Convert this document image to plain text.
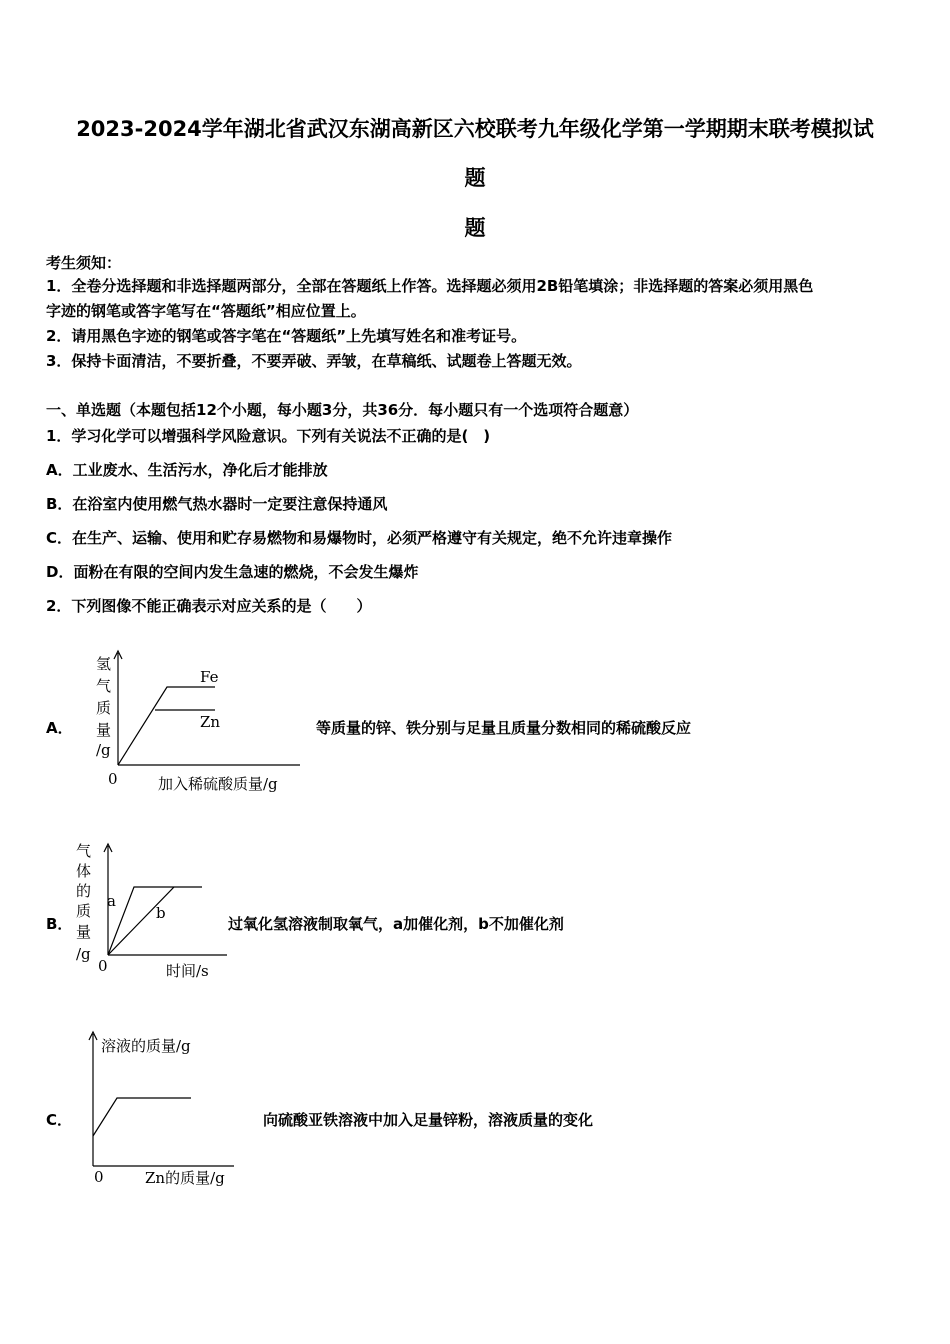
2023-2024学年湖北省武汉东湖高新区六校联考九年级化学第一学期期末联考模拟试
题
题
考生须知：
1．全卷分选择题和非选择题两部分，全部在答题纸上作答。选择题必须用2B铅笔填涂；非选择题的答案必须用黑色
字迹的钢笔或答字笔写在“答题纸”相应位置上。
2．请用黑色字迹的钢笔或答字笔在“答题纸”上先填写姓名和准考证号。
3．保持卡面清洁，不要折叠，不要弄破、弄皱，在草稿纸、试题卷上答题无效。
一、单选题（本题包括12个小题，每小题3分，共36分．每小题只有一个选项符合题意）
1．学习化学可以增强科学风险意识。下列有关说法不正确的是(　)
A．工业废水、生活污水，净化后才能排放
B．在浴室内使用燃气热水器时一定要注意保持通风
C．在生产、运输、使用和贮存易燃物和易爆物时，必须严格遵守有关规定，绝不允许违章操作
D．面粉在有限的空间内发生急速的燃烧，不会发生爆炸
2．下列图像不能正确表示对应关系的是（　　）
A．
氢
气
质
量
/g
0	加入稀硫酸质量/g
Fe
Zn	等质量的锌、铁分别与足量且质量分数相同的稀硫酸反应
B．
气
体
的
质
量
/g
0	时间/s
a
b
过氧化氢溶液制取氧气，a加催化剂，b不加催化剂
C．
溶液的质量/g
0	Zn的质量/g
向硫酸亚铁溶液中加入足量锌粉，溶液质量的变化
